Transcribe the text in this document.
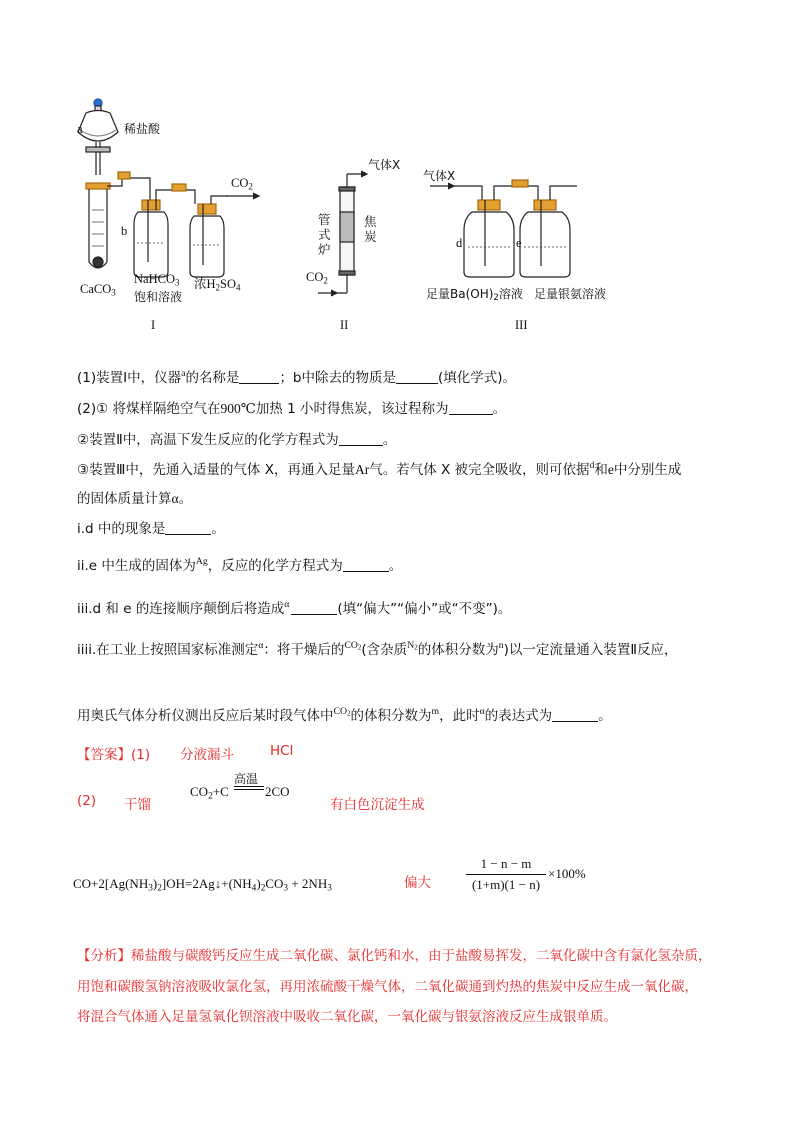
a	稀盐酸
$CO_2$
b
CaCO$_3$
NaHCO$_3$
饱和溶液
浓$H_2SO_4$
I
气体X
管
式
炉
焦
炭
$CO_2$
II
气体X
d	e
足量$Ba(OH)_2$溶液 足量银氨溶液
III
(1)装置Ⅰ中，仪器$^a$的名称是	；b中除去的物质是	(填化学式)。
(2)① 将煤样隔绝空气在900℃加热 1 小时得焦炭，该过程称为	。
②装置Ⅱ中，高温下发生反应的化学方程式为	。
③装置Ⅲ中，先通入适量的气体 X，再通入足量Ar气。若气体 X 被完全吸收，则可依据$^d$和e中分别生成
的固体质量计算α。
i.d 中的现象是	。
ii.e 中生成的固体为$^{Ag}$，反应的化学方程式为	。
iii.d 和 e 的连接顺序颠倒后将造成$^\alpha$	(填“偏大”“偏小”或“不变”)。
iiii.在工业上按照国家标准测定$^\alpha$：将干燥后的$^{CO_2}$(含杂质$^{N_2}$的体积分数为$^n$)以一定流量通入装置Ⅱ反应，
用奥氏气体分析仪测出反应后某时段气体中$^{CO_2}$的体积分数为$^m$，此时$^\alpha$的表达式为	。
【答案】(1) 分液漏斗	HCl
(2) 干馏
高温
$CO_2+C$	2CO
有白色沉淀生成
$CO+2[Ag(NH_3)_2]OH=2Ag↓+(NH_4)_2CO_3 + 2NH_3$	偏大
1 − n − m
(1+m)(1 − n)
×100%
【分析】稀盐酸与碳酸钙反应生成二氧化碳、氯化钙和水，由于盐酸易挥发，二氧化碳中含有氯化氢杂质，
用饱和碳酸氢钠溶液吸收氯化氢，再用浓硫酸干燥气体，二氧化碳通到灼热的焦炭中反应生成一氧化碳，
将混合气体通入足量氢氧化钡溶液中吸收二氧化碳，一氧化碳与银氨溶液反应生成银单质。
